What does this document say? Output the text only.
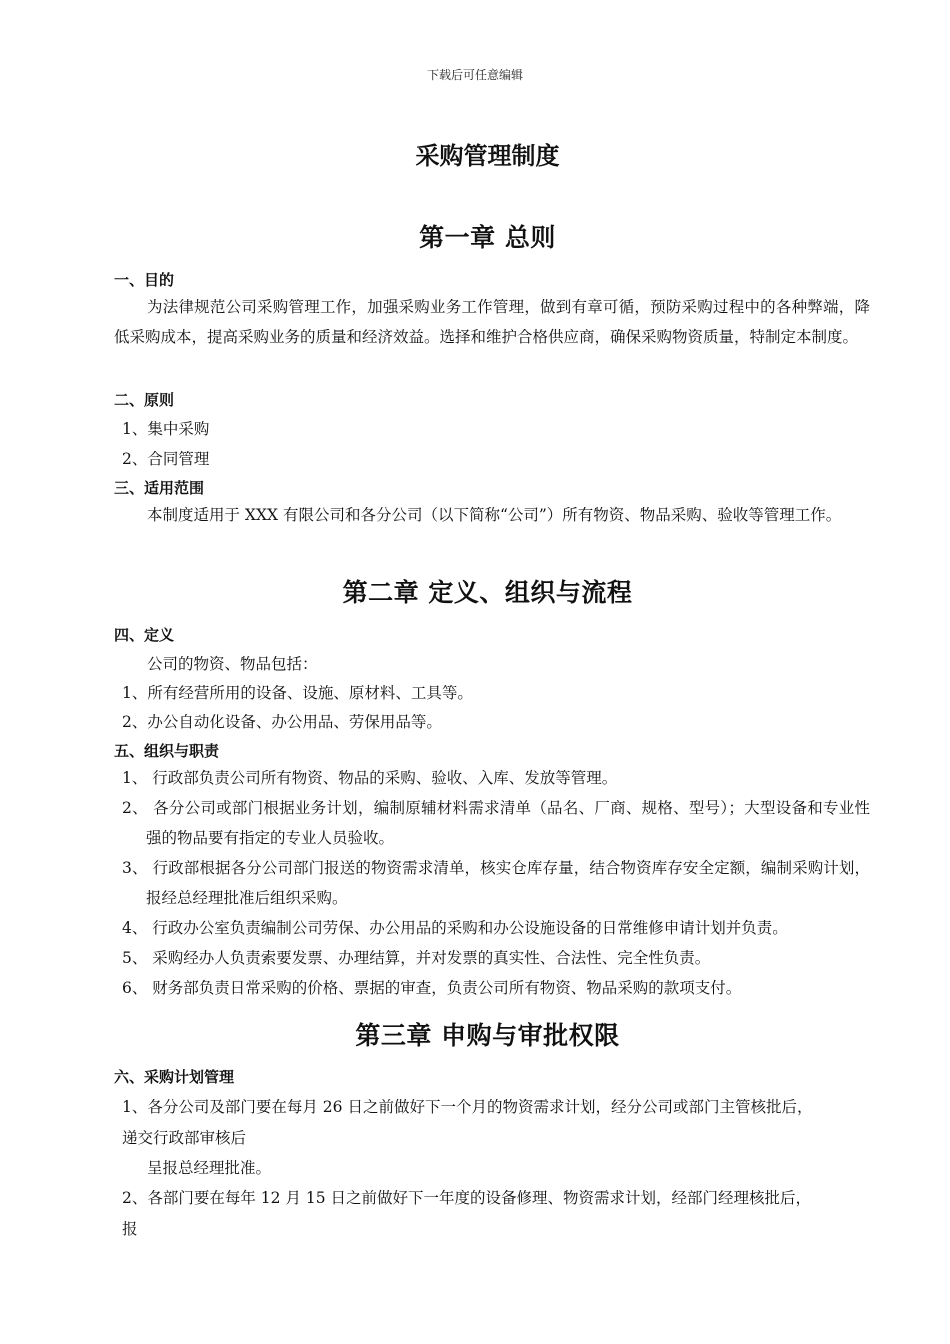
下载后可任意编辑
采购管理制度
第一章 总则
一、目的
为法律规范公司采购管理工作，加强采购业务工作管理，做到有章可循，预防采购过程中的各种弊端，降低采购成本，提高采购业务的质量和经济效益。选择和维护合格供应商，确保采购物资质量，特制定本制度。
二、原则
1、集中采购
2、合同管理
三、适用范围
本制度适用于 XXX 有限公司和各分公司（以下简称“公司”）所有物资、物品采购、验收等管理工作。
第二章 定义、组织与流程
四、定义
公司的物资、物品包括：
1、所有经营所用的设备、设施、原材料、工具等。
2、办公自动化设备、办公用品、劳保用品等。
五、组织与职责
1、 行政部负责公司所有物资、物品的采购、验收、入库、发放等管理。
2、 各分公司或部门根据业务计划，编制原辅材料需求清单（品名、厂商、规格、型号）；大型设备和专业性强的物品要有指定的专业人员验收。
3、 行政部根据各分公司部门报送的物资需求清单，核实仓库存量，结合物资库存安全定额，编制采购计划，报经总经理批准后组织采购。
4、 行政办公室负责编制公司劳保、办公用品的采购和办公设施设备的日常维修申请计划并负责。
5、 采购经办人负责索要发票、办理结算，并对发票的真实性、合法性、完全性负责。
6、 财务部负责日常采购的价格、票据的审查，负责公司所有物资、物品采购的款项支付。
第三章 申购与审批权限
六、采购计划管理
1、各分公司及部门要在每月 26 日之前做好下一个月的物资需求计划，经分公司或部门主管核批后，
递交行政部审核后
呈报总经理批准。
2、各部门要在每年 12 月 15 日之前做好下一年度的设备修理、物资需求计划，经部门经理核批后，
报
